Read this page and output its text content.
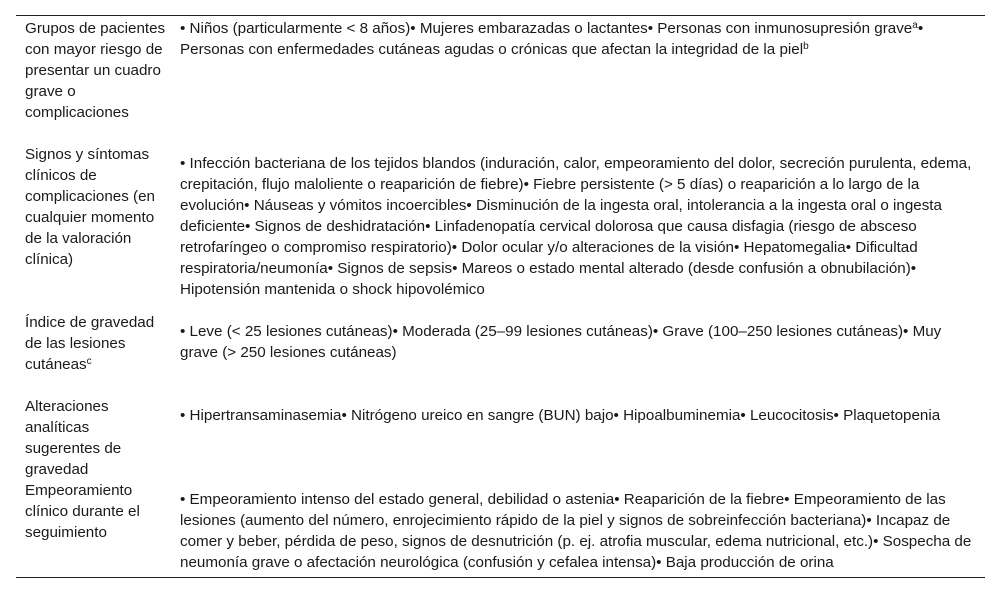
Grupos de pacientes con mayor riesgo de presentar un cuadro grave o complicaciones	• Niños (particularmente < 8 años)• Mujeres embarazadas o lactantes• Personas con inmunosupresión grave$^a$• Personas con enfermedades cutáneas agudas o crónicas que afectan la integridad de la piel$^b$

Signos y síntomas clínicos de complicaciones (en cualquier momento de la valoración clínica)	• Infección bacteriana de los tejidos blandos (induración, calor, empeoramiento del dolor, secreción purulenta, edema, crepitación, flujo maloliente o reaparición de fiebre)• Fiebre persistente (> 5 días) o reaparición a lo largo de la evolución• Náuseas y vómitos incoercibles• Disminución de la ingesta oral, intolerancia a la ingesta oral o ingesta deficiente• Signos de deshidratación• Linfadenopatía cervical dolorosa que causa disfagia (riesgo de absceso retrofaríngeo o compromiso respiratorio)• Dolor ocular y/o alteraciones de la visión• Hepatomegalia• Dificultad respiratoria/neumonía• Signos de sepsis• Mareos o estado mental alterado (desde confusión a obnubilación)• Hipotensión mantenida o shock hipovolémico

Índice de gravedad de las lesiones cutáneas$^c$	• Leve (< 25 lesiones cutáneas)• Moderada (25–99 lesiones cutáneas)• Grave (100–250 lesiones cutáneas)• Muy grave (> 250 lesiones cutáneas)

Alteraciones analíticas sugerentes de gravedad	• Hipertransaminasemia• Nitrógeno ureico en sangre (BUN) bajo• Hipoalbuminemia• Leucocitosis• Plaquetopenia

Empeoramiento clínico durante el seguimiento	• Empeoramiento intenso del estado general, debilidad o astenia• Reaparición de la fiebre• Empeoramiento de las lesiones (aumento del número, enrojecimiento rápido de la piel y signos de sobreinfección bacteriana)• Incapaz de comer y beber, pérdida de peso, signos de desnutrición (p. ej. atrofia muscular, edema nutricional, etc.)• Sospecha de neumonía grave o afectación neurológica (confusión y cefalea intensa)• Baja producción de orina
